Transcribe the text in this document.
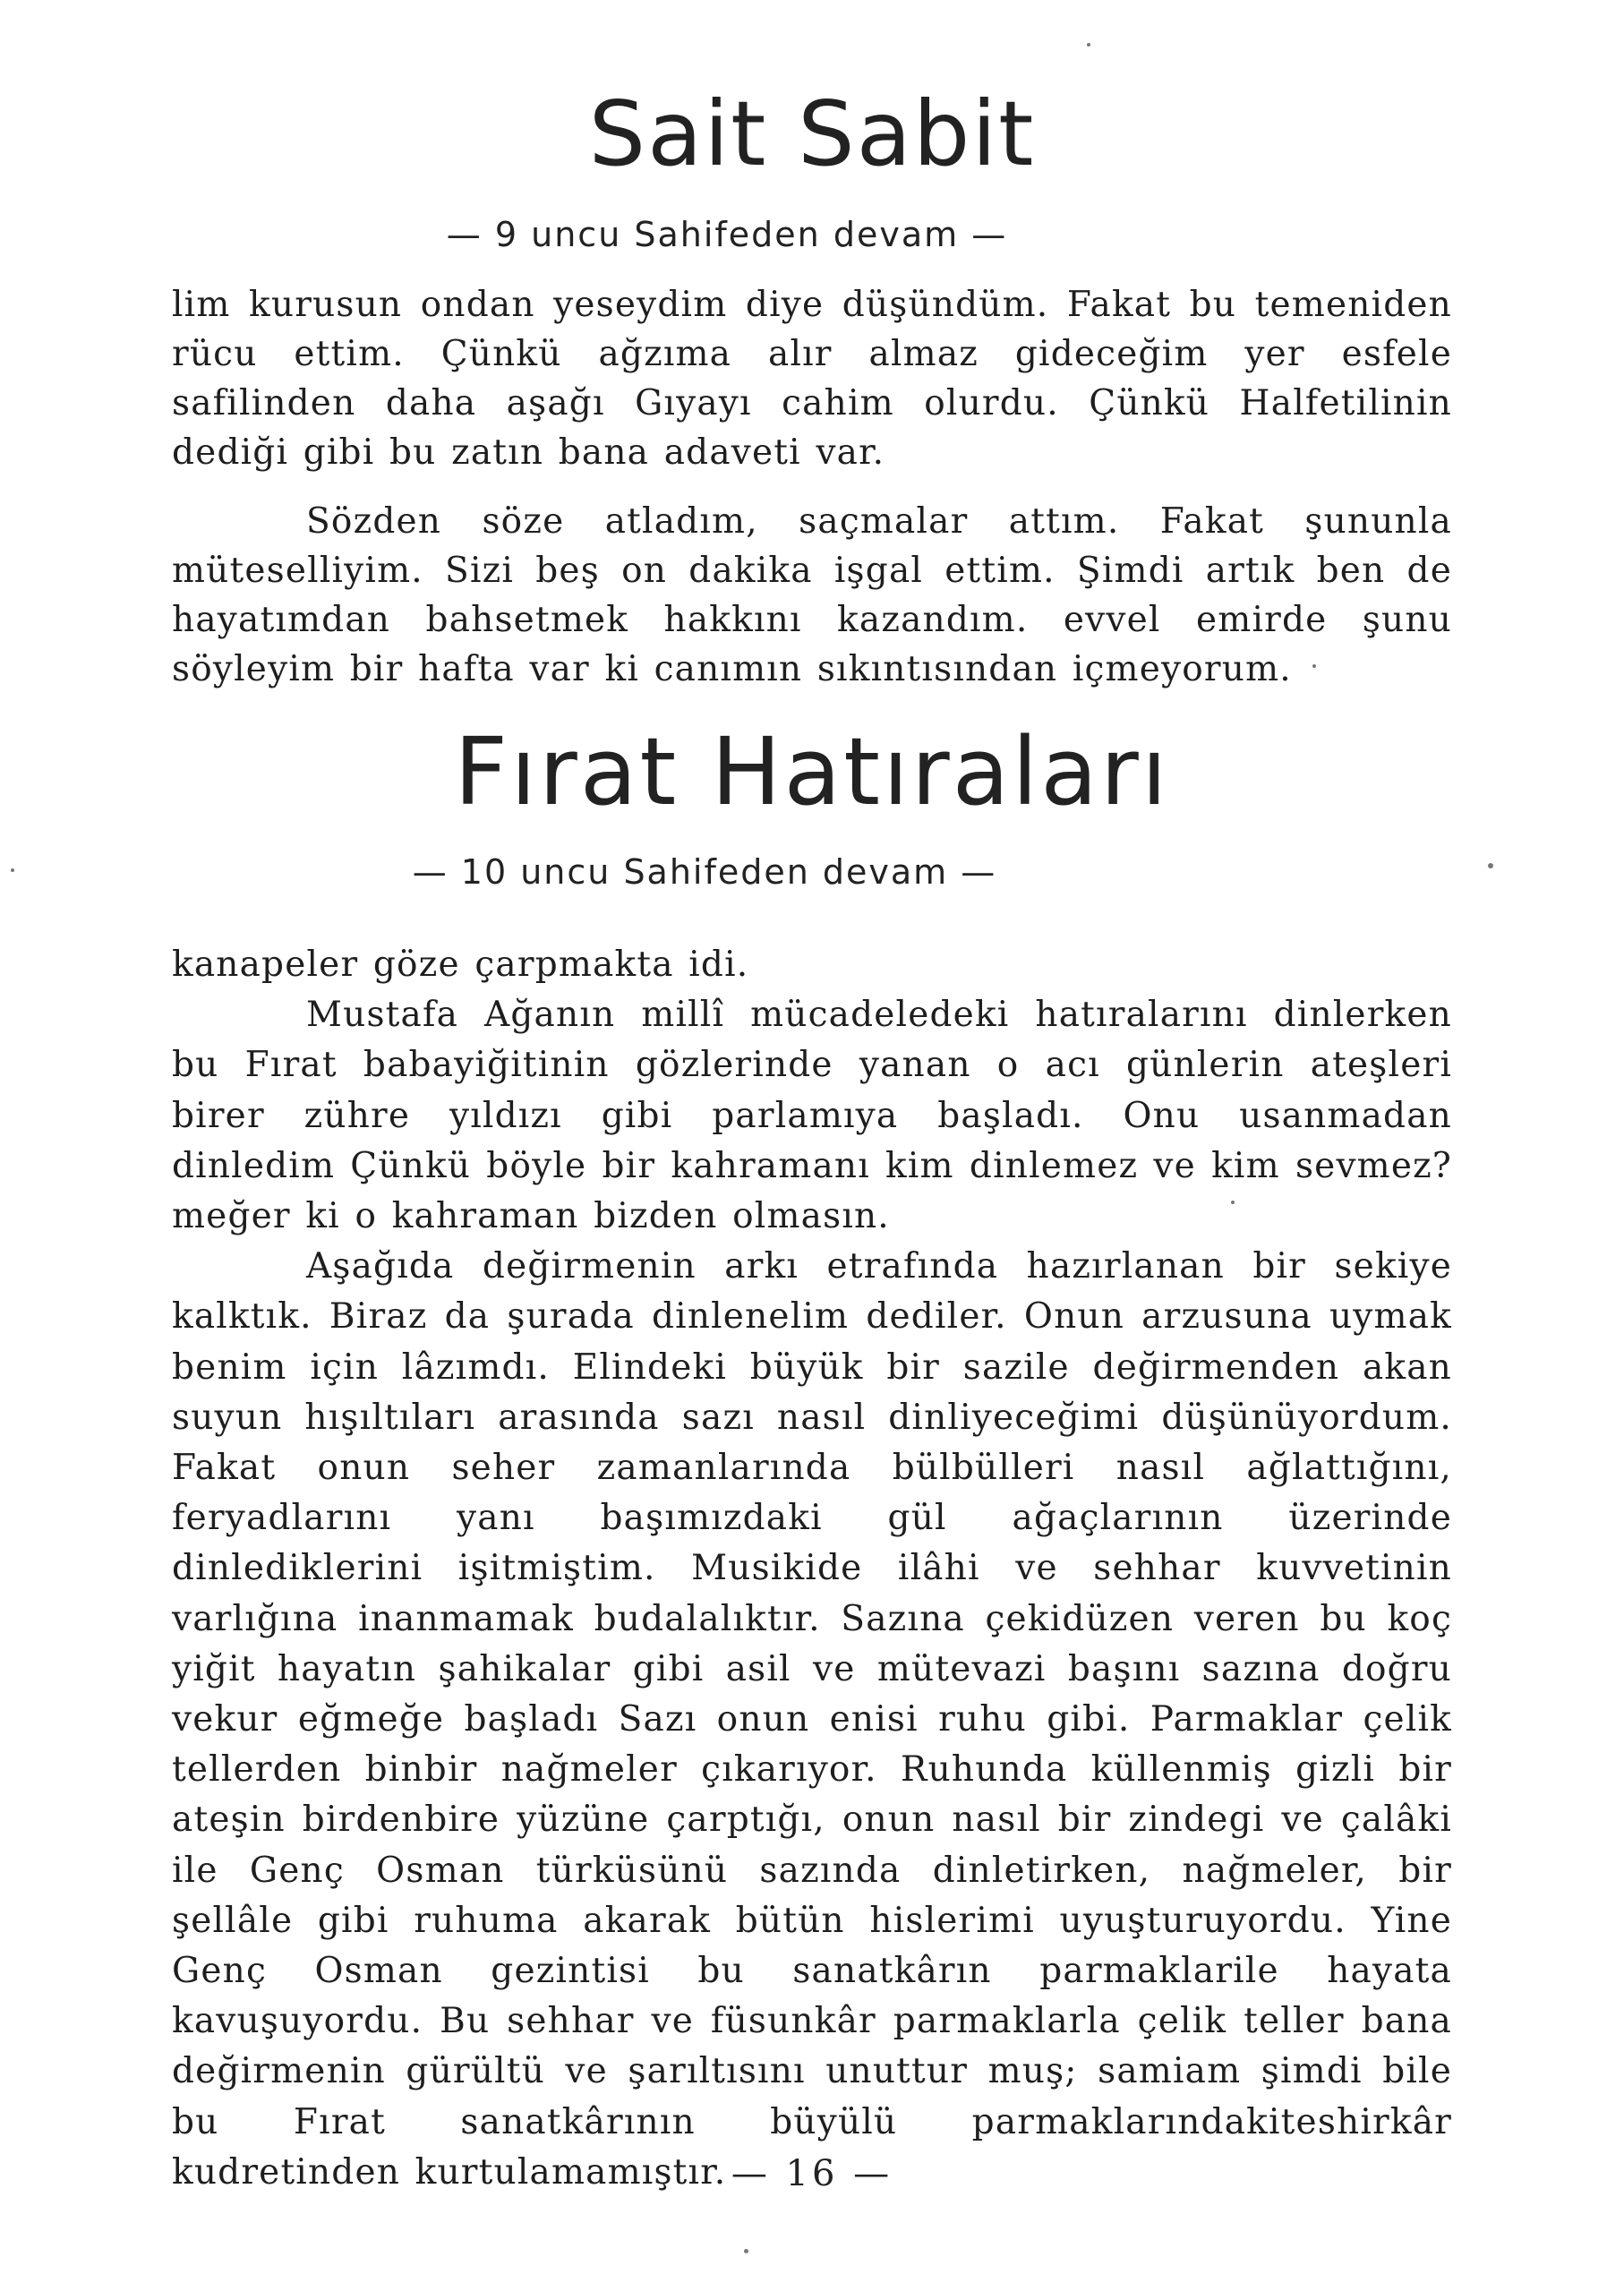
Sait Sabit

— 9 uncu Sahifeden devam —

lim kurusun ondan yeseydim diye düşündüm. Fakat bu temeniden rücu ettim. Çünkü ağzıma alır almaz gideceğim yer esfele safilinden daha aşağı Gıyayı cahim olurdu. Çünkü Halfetilinin dediği gibi bu zatın bana adaveti var.

Sözden söze atladım, saçmalar attım. Fakat şununla müteselliyim. Sizi beş on dakika işgal ettim. Şimdi artık ben de hayatımdan bahsetmek hakkını kazandım. evvel emirde şunu söyleyim bir hafta var ki canımın sıkıntısından içmeyorum.

Fırat Hatıraları

— 10 uncu Sahifeden devam —

kanapeler göze çarpmakta idi.

Mustafa Ağanın millî mücadeledeki hatıralarını dinlerken bu Fırat babayiğitinin gözlerinde yanan o acı günlerin ateşleri birer zühre yıldızı gibi parlamıya başladı. Onu usanmadan dinledim Çünkü böyle bir kahramanı kim dinlemez ve kim sevmez? meğer ki o kahraman bizden olmasın.

Aşağıda değirmenin arkı etrafında hazırlanan bir sekiye kalktık. Biraz da şurada dinlenelim dediler. Onun arzusuna uymak benim için lâzımdı. Elindeki büyük bir sazile değirmenden akan suyun hışıltıları arasında sazı nasıl dinliyeceğimi düşünüyordum. Fakat onun seher zamanlarında bülbülleri nasıl ağlattığını, feryadlarını yanı başımızdaki gül ağaçlarının üzerinde dinlediklerini işitmiştim. Musikide ilâhi ve sehhar kuvvetinin varlığına inanmamak budalalıktır. Sazına çekidüzen veren bu koç yiğit hayatın şahikalar gibi asil ve mütevazi başını sazına doğru vekur eğmeğe başladı Sazı onun enisi ruhu gibi. Parmaklar çelik tellerden binbir nağmeler çıkarıyor. Ruhunda küllenmiş gizli bir ateşin birdenbire yüzüne çarptığı, onun nasıl bir zindegi ve çalâki ile Genç Osman türküsünü sazında dinletirken, nağmeler, bir şellâle gibi ruhuma akarak bütün hislerimi uyuşturuyordu. Yine Genç Osman gezintisi bu sanatkârın parmaklarile hayata kavuşuyordu. Bu sehhar ve füsunkâr parmaklarla çelik teller bana değirmenin gürültü ve şarıltısını unuttur muş; samiam şimdi bile bu Fırat sanatkârının büyülü parmaklarındakiteshirkâr kudretinden kurtulamamıştır. — 16 —
